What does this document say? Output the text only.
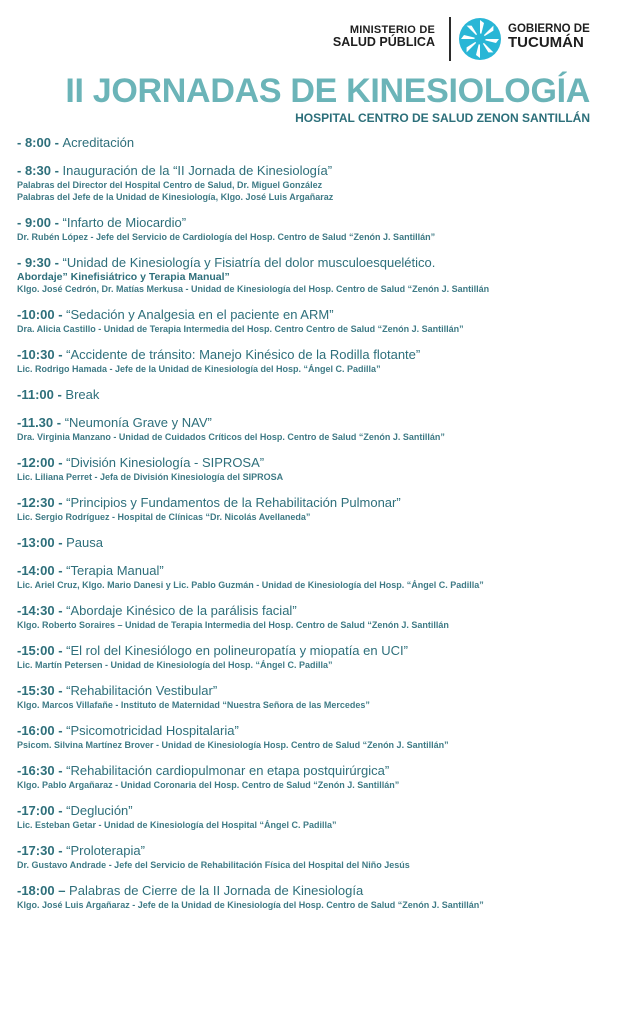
MINISTERIO DE
SALUD PÚBLICA
GOBIERNO DE
TUCUMÁN
II JORNADAS DE KINESIOLOGÍA
HOSPITAL CENTRO DE SALUD ZENON SANTILLÁN
- 8:00 - Acreditación
- 8:30 - Inauguración de la “II Jornada de Kinesiología”
Palabras del Director del Hospital Centro de Salud, Dr. Miguel González
Palabras del Jefe de la Unidad de Kinesiología, Klgo. José Luis Argañaraz
- 9:00 - “Infarto de Miocardio”
Dr. Rubén López - Jefe del Servicio de Cardiología del Hosp. Centro de Salud “Zenón J. Santillán”
- 9:30 - “Unidad de Kinesiología y Fisiatría del dolor musculoesquelético.
Abordaje” Kinefisiátrico y Terapia Manual”
Klgo. José Cedrón, Dr. Matías Merkusa - Unidad de Kinesiología del Hosp. Centro de Salud “Zenón J. Santillán
-10:00 - “Sedación y Analgesia en el paciente en ARM”
Dra. Alicia Castillo - Unidad de Terapia Intermedia del Hosp. Centro Centro de Salud “Zenón J. Santillán”
-10:30 - “Accidente de tránsito: Manejo Kinésico de la Rodilla flotante”
Lic. Rodrigo Hamada - Jefe de la Unidad de Kinesiología del Hosp. “Ángel C. Padilla”
-11:00 - Break
-11.30 - “Neumonía Grave y NAV”
Dra. Virginia Manzano - Unidad de Cuidados Críticos del Hosp. Centro de Salud “Zenón J. Santillán”
-12:00 - “División Kinesiología - SIPROSA”
Lic. Liliana Perret - Jefa de División Kinesiología del SIPROSA
-12:30 - “Principios y Fundamentos de la Rehabilitación Pulmonar”
Lic. Sergio Rodríguez - Hospital de Clínicas “Dr. Nicolás Avellaneda”
-13:00 - Pausa
-14:00 - “Terapia Manual”
Lic. Ariel Cruz, Klgo. Mario Danesi y Lic. Pablo Guzmán - Unidad de Kinesiología del Hosp. “Ángel C. Padilla”
-14:30 - “Abordaje Kinésico de la parálisis facial”
Klgo. Roberto Soraires – Unidad de Terapia Intermedia del Hosp. Centro de Salud “Zenón J. Santillán
-15:00 - “El rol del Kinesiólogo en polineuropatía y miopatía en UCI”
Lic. Martín Petersen - Unidad de Kinesiología del Hosp. “Ángel C. Padilla”
-15:30 - “Rehabilitación Vestibular”
Klgo. Marcos Villafañe - Instituto de Maternidad “Nuestra Señora de las Mercedes”
-16:00 - “Psicomotricidad Hospitalaria”
Psicom. Silvina Martínez Brover - Unidad de Kinesiología Hosp. Centro de Salud “Zenón J. Santillán”
-16:30 - “Rehabilitación cardiopulmonar en etapa postquirúrgica”
Klgo. Pablo Argañaraz - Unidad Coronaria del Hosp. Centro de Salud “Zenón J. Santillán”
-17:00 - “Deglución”
Lic. Esteban Getar - Unidad de Kinesiología del Hospital “Ángel C. Padilla”
-17:30 - “Proloterapia”
Dr. Gustavo Andrade - Jefe del Servicio de Rehabilitación Física del Hospital del Niño Jesús
-18:00 – Palabras de Cierre de la II Jornada de Kinesiología
Klgo. José Luis Argañaraz - Jefe de la Unidad de Kinesiología del Hosp. Centro de Salud “Zenón J. Santillán”
